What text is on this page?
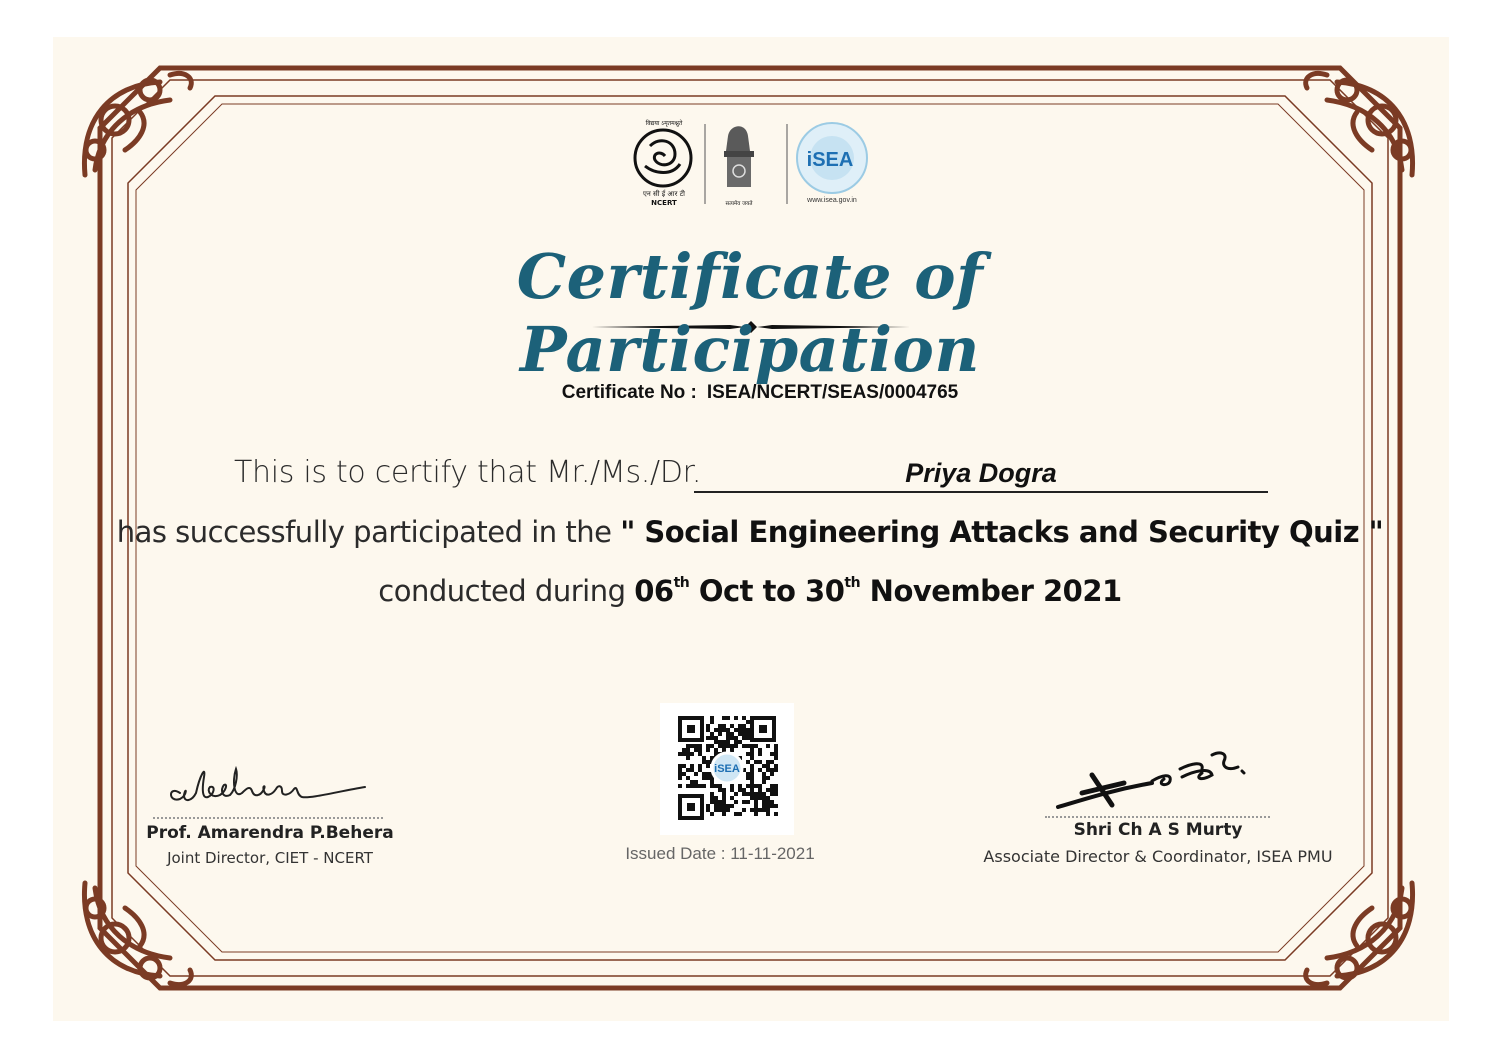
विद्यया ऽमृतमश्नुते
एन सी ई आर टी
NCERT	सत्यमेव जयते
iSEA
www.isea.gov.in
Certificate of Participation
Certificate No : ISEA/NCERT/SEAS/0004765
This is to certify that Mr./Ms./Dr.	Priya Dogra
has successfully participated in the " Social Engineering Attacks and Security Quiz "
conducted during 06th Oct to 30th November 2021
iSEA
Issued Date : 11-11-2021
Prof. Amarendra P.Behera
Joint Director, CIET - NCERT
Shri Ch A S Murty
Associate Director & Coordinator, ISEA PMU
